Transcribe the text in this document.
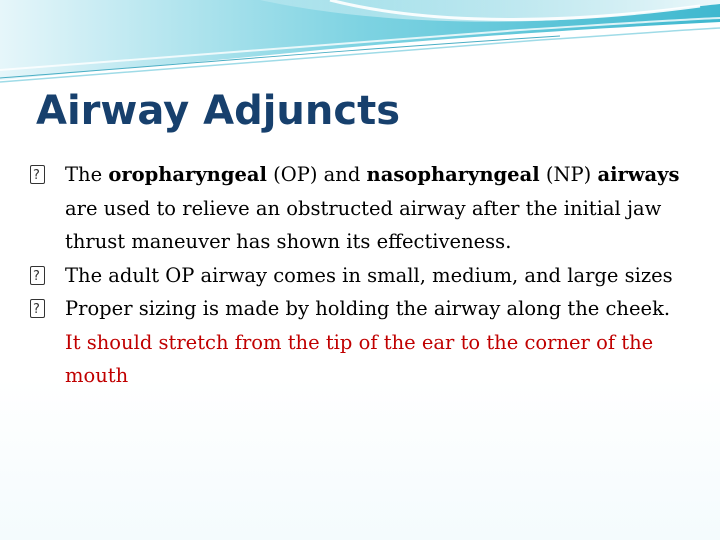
Airway Adjuncts
?
The oropharyngeal (OP) and nasopharyngeal (NP) airways are used to relieve an obstructed airway after the initial jaw thrust maneuver has shown its effectiveness.
?
The adult OP airway comes in small, medium, and large sizes
?
Proper sizing is made by holding the airway along the cheek. It should stretch from the tip of the ear to the corner of the mouth
